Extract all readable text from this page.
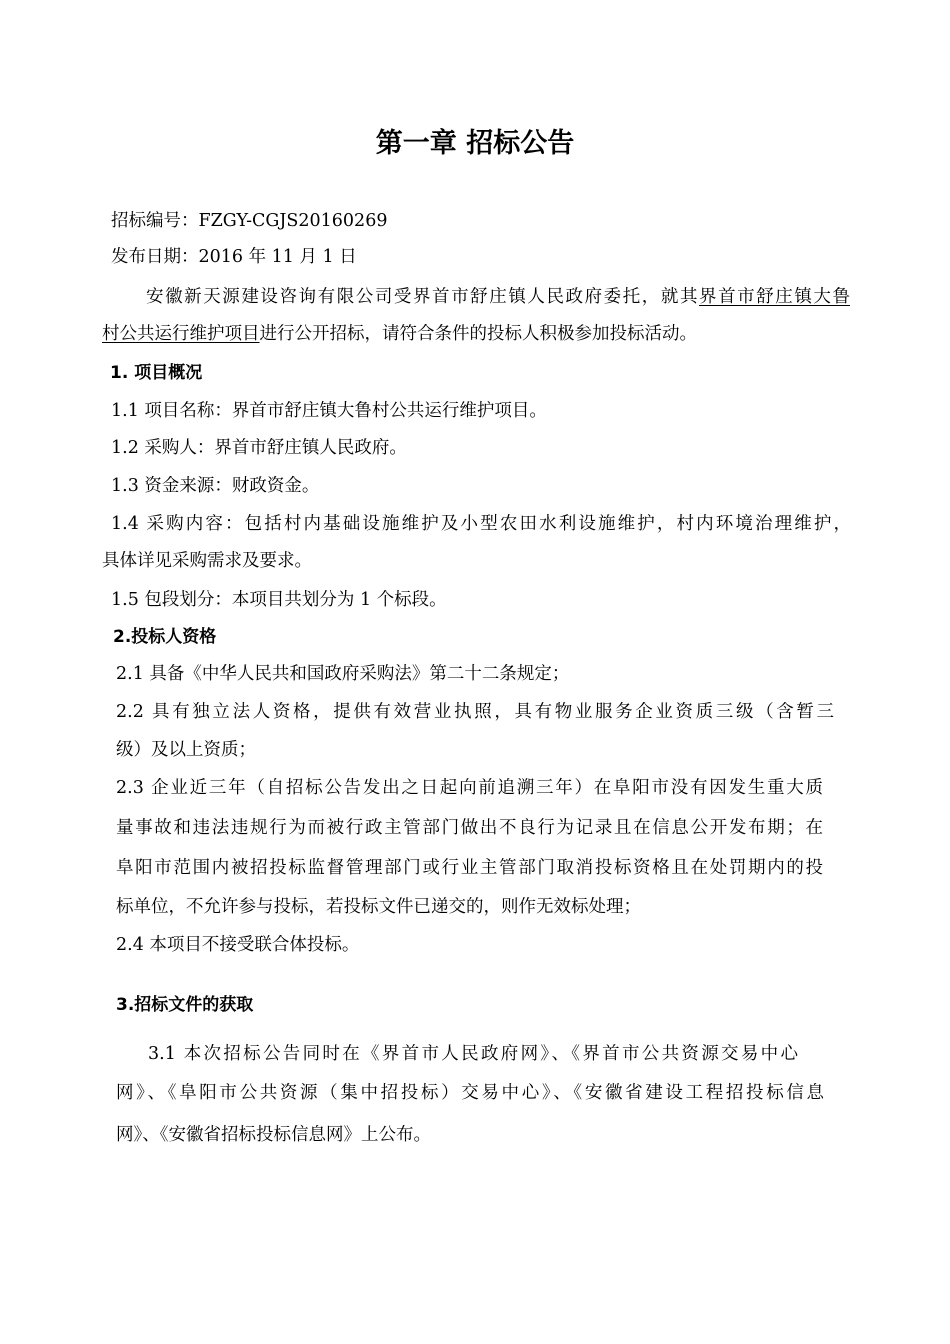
第一章 招标公告
招标编号：FZGY-CGJS20160269
发布日期：2016 年 11 月 1 日
安徽新天源建设咨询有限公司受界首市舒庄镇人民政府委托，就其界首市舒庄镇大鲁
村公共运行维护项目进行公开招标，请符合条件的投标人积极参加投标活动。
1. 项目概况
1.1 项目名称：界首市舒庄镇大鲁村公共运行维护项目。
1.2 采购人：界首市舒庄镇人民政府。
1.3 资金来源：财政资金。
1.4 采购内容：包括村内基础设施维护及小型农田水利设施维护，村内环境治理维护，
具体详见采购需求及要求。
1.5 包段划分：本项目共划分为 1 个标段。
2.投标人资格
2.1 具备《中华人民共和国政府采购法》第二十二条规定；
2.2 具有独立法人资格，提供有效营业执照，具有物业服务企业资质三级（含暂三
级）及以上资质；
2.3 企业近三年（自招标公告发出之日起向前追溯三年）在阜阳市没有因发生重大质
量事故和违法违规行为而被行政主管部门做出不良行为记录且在信息公开发布期；在
阜阳市范围内被招投标监督管理部门或行业主管部门取消投标资格且在处罚期内的投
标单位，不允许参与投标，若投标文件已递交的，则作无效标处理；
2.4 本项目不接受联合体投标。
3.招标文件的获取
3.1 本次招标公告同时在《界首市人民政府网》、《界首市公共资源交易中心
网》、《阜阳市公共资源（集中招投标）交易中心》、《安徽省建设工程招投标信息
网》、《安徽省招标投标信息网》上公布。
